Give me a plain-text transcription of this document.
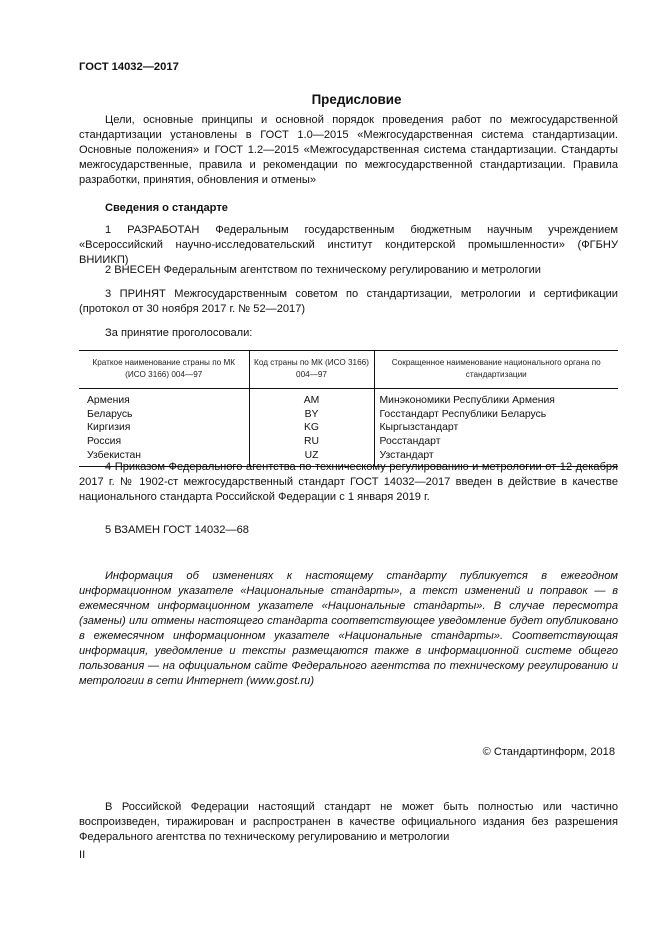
ГОСТ 14032—2017
Предисловие

Цели, основные принципы и основной порядок проведения работ по межгосударственной стандартизации установлены в ГОСТ 1.0—2015 «Межгосударственная система стандартизации. Основные положения» и ГОСТ 1.2—2015 «Межгосударственная система стандартизации. Стандарты межгосударственные, правила и рекомендации по межгосударственной стандартизации. Правила разработки, принятия, обновления и отмены»

Сведения о стандарте

1 РАЗРАБОТАН Федеральным государственным бюджетным научным учреждением «Всероссийский научно-исследовательский институт кондитерской промышленности» (ФГБНУ ВНИИКП)

2 ВНЕСЕН Федеральным агентством по техническому регулированию и метрологии

3 ПРИНЯТ Межгосударственным советом по стандартизации, метрологии и сертификации (протокол от 30 ноября 2017 г. № 52—2017)

За принятие проголосовали:

Краткое наименование страны по МК (ИСО 3166) 004—97	Код страны по МК (ИСО 3166) 004—97	Сокращенное наименование национального органа по стандартизации
Армения	AM	Минэкономики Республики Армения
Беларусь	BY	Госстандарт Республики Беларусь
Киргизия	KG	Кыргызстандарт
Россия	RU	Росстандарт
Узбекистан	UZ	Узстандарт

4 Приказом Федерального агентства по техническому регулированию и метрологии от 12 декабря 2017 г. № 1902-ст межгосударственный стандарт ГОСТ 14032—2017 введен в действие в качестве национального стандарта Российской Федерации с 1 января 2019 г.

5 ВЗАМЕН ГОСТ 14032—68

Информация об изменениях к настоящему стандарту публикуется в ежегодном информационном указателе «Национальные стандарты», а текст изменений и поправок — в ежемесячном информационном указателе «Национальные стандарты». В случае пересмотра (замены) или отмены настоящего стандарта соответствующее уведомление будет опубликовано в ежемесячном информационном указателе «Национальные стандарты». Соответствующая информация, уведомление и тексты размещаются также в информационной системе общего пользования — на официальном сайте Федерального агентства по техническому регулированию и метрологии в сети Интернет (www.gost.ru)

© Стандартинформ, 2018

В Российской Федерации настоящий стандарт не может быть полностью или частично воспроизведен, тиражирован и распространен в качестве официального издания без разрешения Федерального агентства по техническому регулированию и метрологии

II
